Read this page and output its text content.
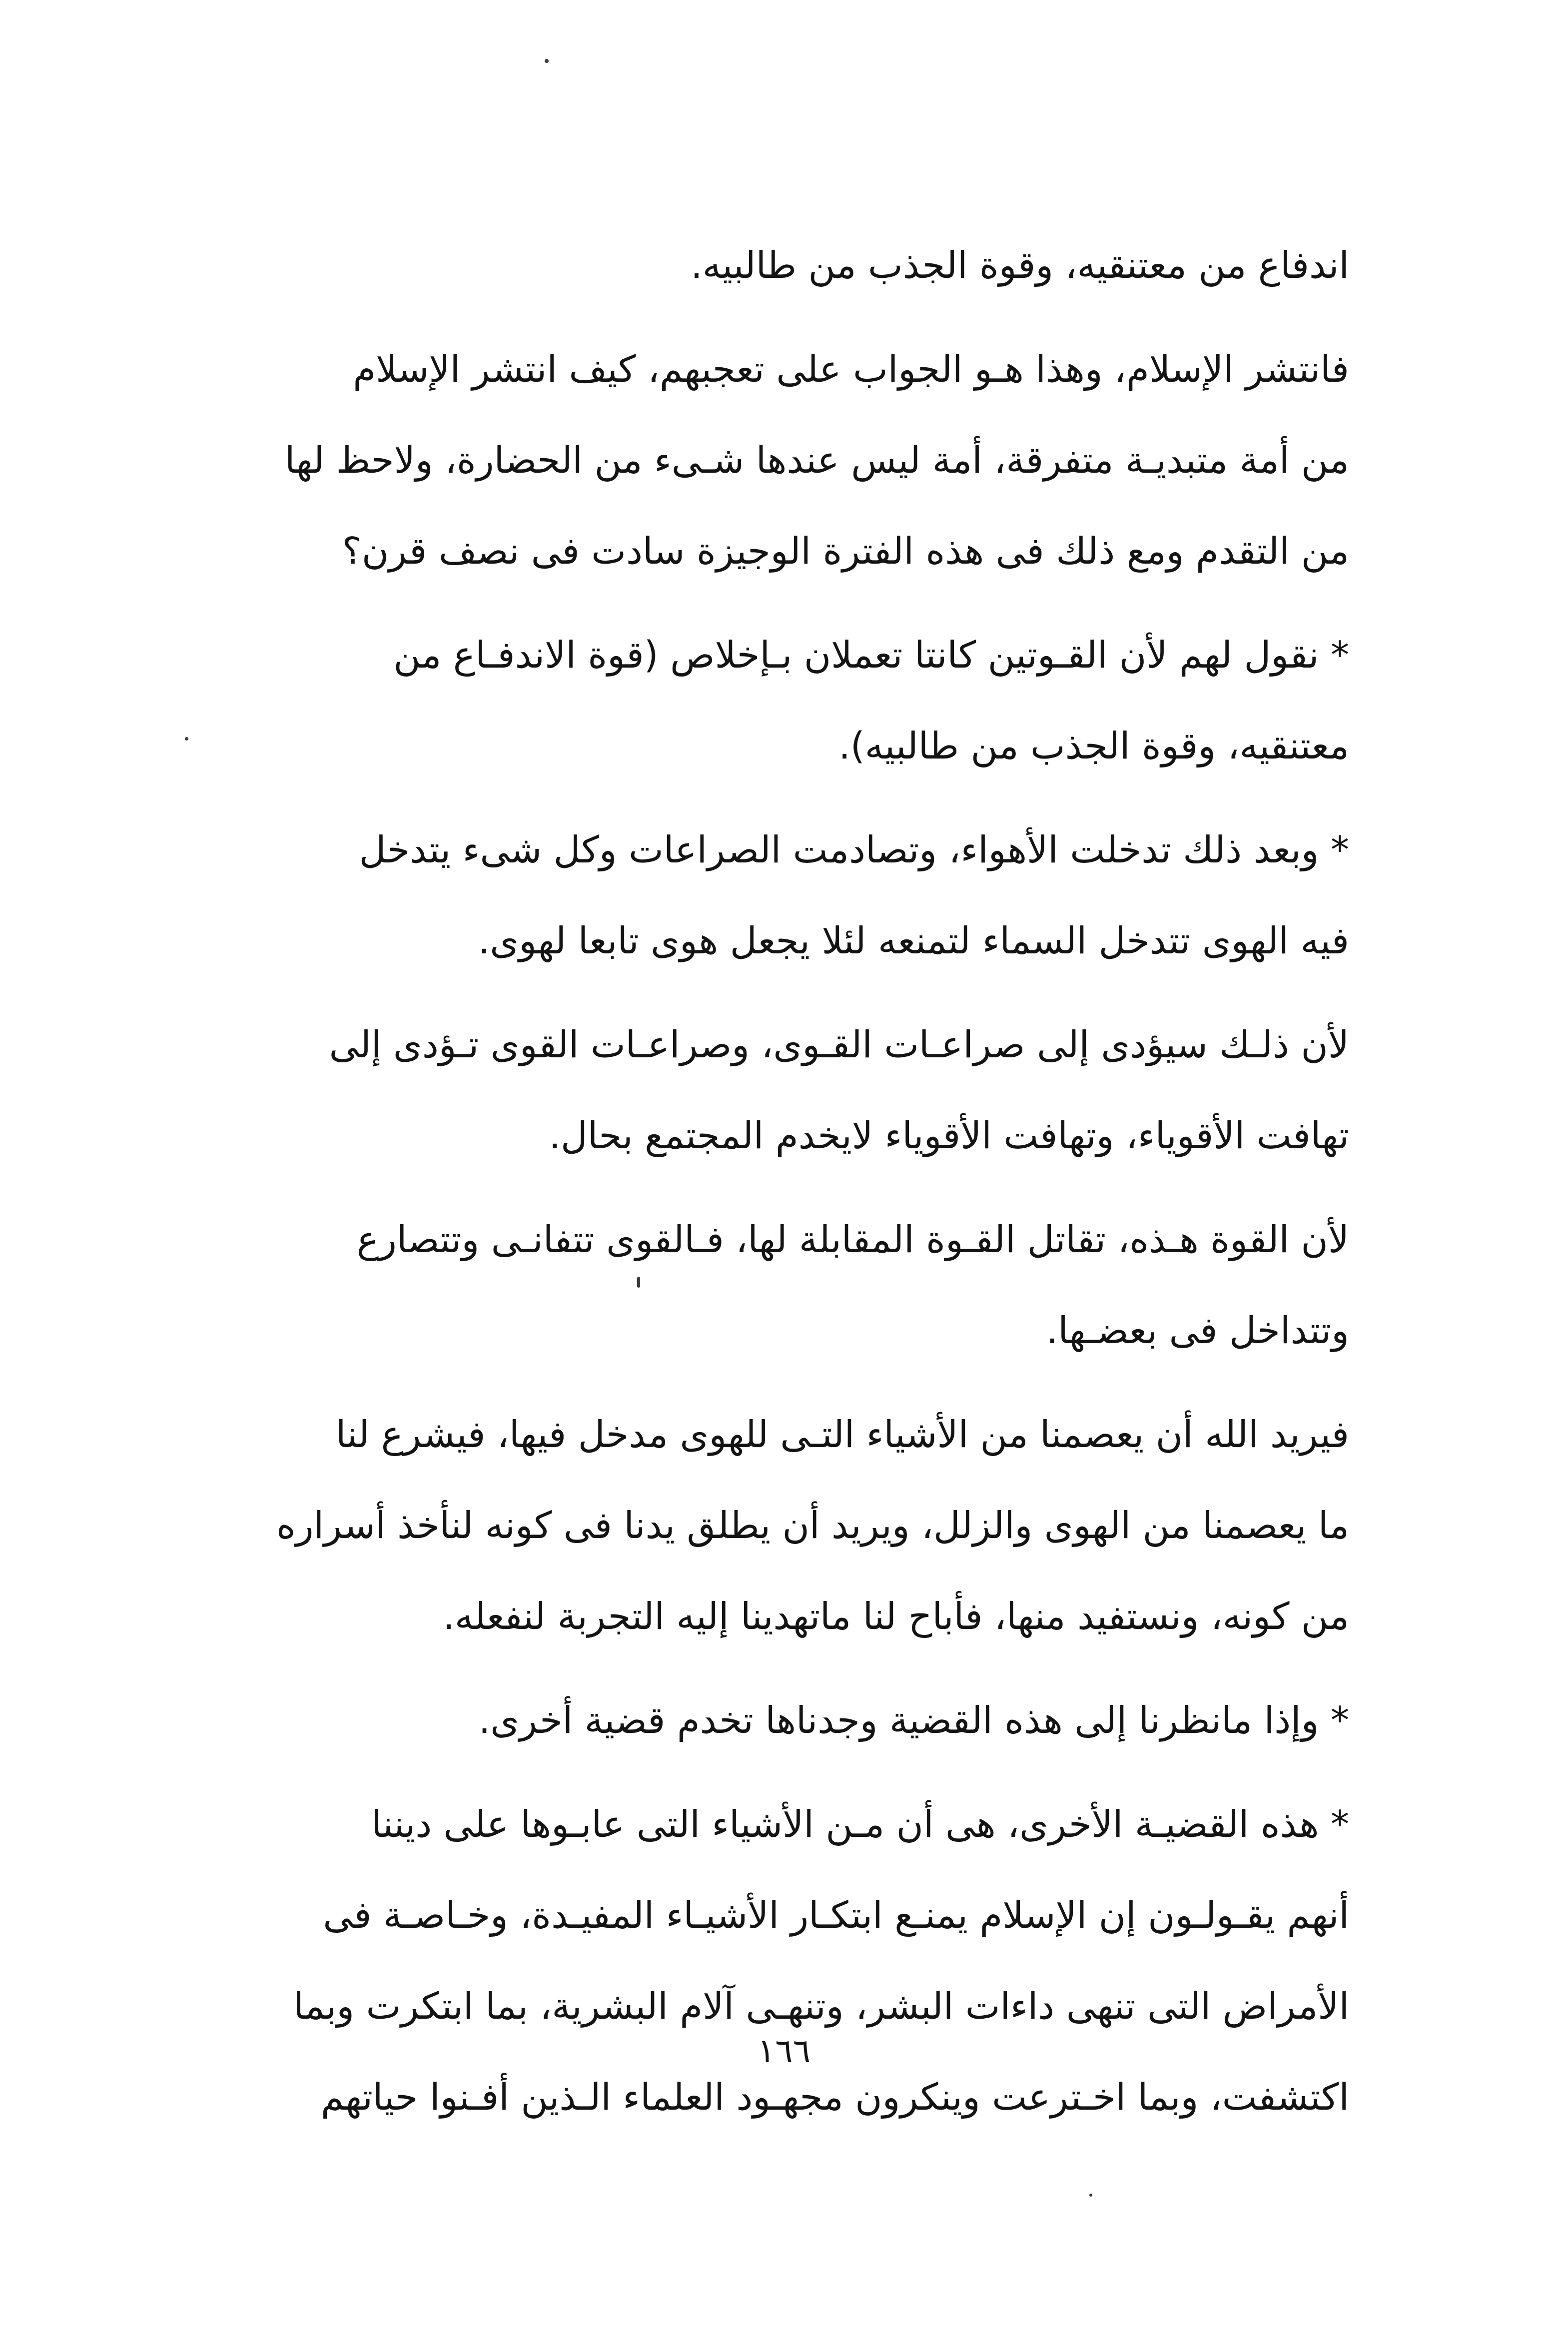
اندفاع من معتنقيه، وقوة الجذب من طالبيه.

فانتشر الإسلام، وهذا هـو الجواب على تعجبهم، كيف انتشر الإسلام
من أمة متبديـة متفرقة، أمة ليس عندها شـىء من الحضارة، ولاحظ لها
من التقدم ومع ذلك فى هذه الفترة الوجيزة سادت فى نصف قرن؟

* نقول لهم لأن القـوتين كانتا تعملان بـإخلاص (قوة الاندفـاع من
معتنقيه، وقوة الجذب من طالبيه).

* وبعد ذلك تدخلت الأهواء، وتصادمت الصراعات وكل شىء يتدخل
فيه الهوى تتدخل السماء لتمنعه لئلا يجعل هوى تابعا لهوى.

لأن ذلـك سيؤدى إلى صراعـات القـوى، وصراعـات القوى تـؤدى إلى
تهافت الأقوياء، وتهافت الأقوياء لايخدم المجتمع بحال.

لأن القوة هـذه، تقاتل القـوة المقابلة لها، فـالقوى تتفانـى وتتصارع
وتتداخل فى بعضـها.

فيريد الله أن يعصمنا من الأشياء التـى للهوى مدخل فيها، فيشرع لنا
ما يعصمنا من الهوى والزلل، ويريد أن يطلق يدنا فى كونه لنأخذ أسراره
من كونه، ونستفيد منها، فأباح لنا ماتهدينا إليه التجربة لنفعله.

* وإذا مانظرنا إلى هذه القضية وجدناها تخدم قضية أخرى.

* هذه القضيـة الأخرى، هى أن مـن الأشياء التى عابـوها على ديننا
أنهم يقـولـون إن الإسلام يمنـع ابتكـار الأشيـاء المفيـدة، وخـاصـة فى
الأمراض التى تنهى داءات البشر، وتنهـى آلام البشرية، بما ابتكرت وبما
اكتشفت، وبما اخـترعت وينكرون مجهـود العلماء الـذين أفـنوا حياتهم

١٦٦
